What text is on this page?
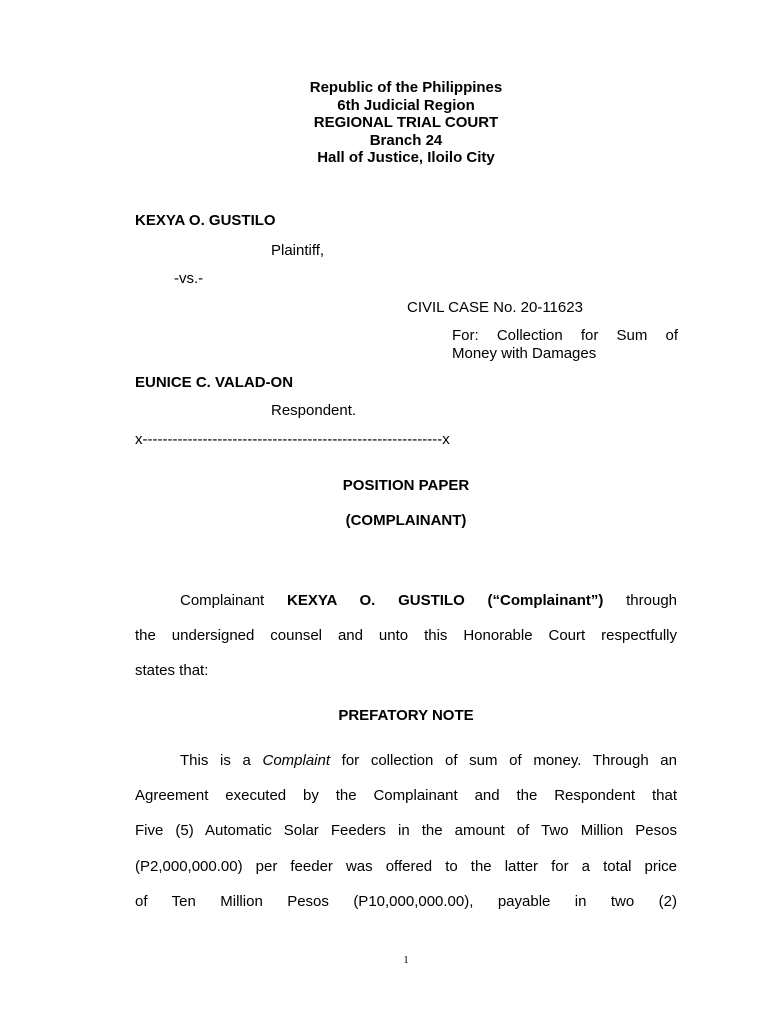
Republic of the Philippines
6th Judicial Region
REGIONAL TRIAL COURT
Branch 24
Hall of Justice, Iloilo City
KEXYA O. GUSTILO
Plaintiff,
-vs.-
CIVIL CASE No. 20-11623
For: Collection for Sum of
Money with Damages
EUNICE C. VALAD-ON
Respondent.
x------------------------------------------------------------x
POSITION PAPER
(COMPLAINANT)
Complainant KEXYA O. GUSTILO (“Complainant”) through
the undersigned counsel and unto this Honorable Court respectfully
states that:
PREFATORY NOTE
This is a Complaint for collection of sum of money. Through an
Agreement executed by the Complainant and the Respondent that
Five (5) Automatic Solar Feeders in the amount of Two Million Pesos
(P2,000,000.00) per feeder was offered to the latter for a total price
of Ten Million Pesos (P10,000,000.00), payable in two (2)
1
